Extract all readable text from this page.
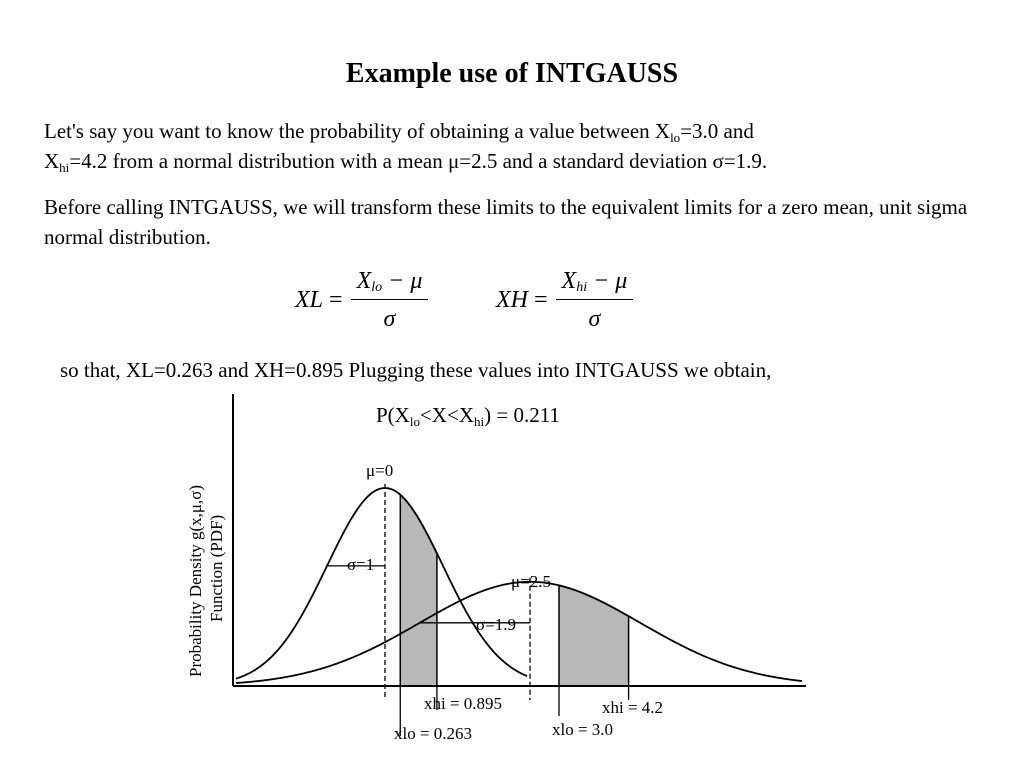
Example use of INTGAUSS
Let's say you want to know the probability of obtaining a value between $X_{lo}=3.0$ and
$X_{hi}=4.2$ from a normal distribution with a mean μ=2.5 and a standard deviation σ=1.9.
Before calling INTGAUSS, we will transform these limits to the equivalent limits for a zero mean, unit sigma normal distribution.
XL = $\frac{X_{lo} - \mu}{\sigma}$	XH = $\frac{X_{hi} - \mu}{\sigma}$
so that, XL=0.263 and XH=0.895 Plugging these values into INTGAUSS we obtain,
Probability Density g(x,μ,σ) Function (PDF)
μ=0
σ=1
μ=2.5
σ=1.9
xhi = 0.895
xlo = 0.263
xhi = 4.2
xlo = 3.0
$P(X_{lo}<X<X_{hi}) = 0.211$
